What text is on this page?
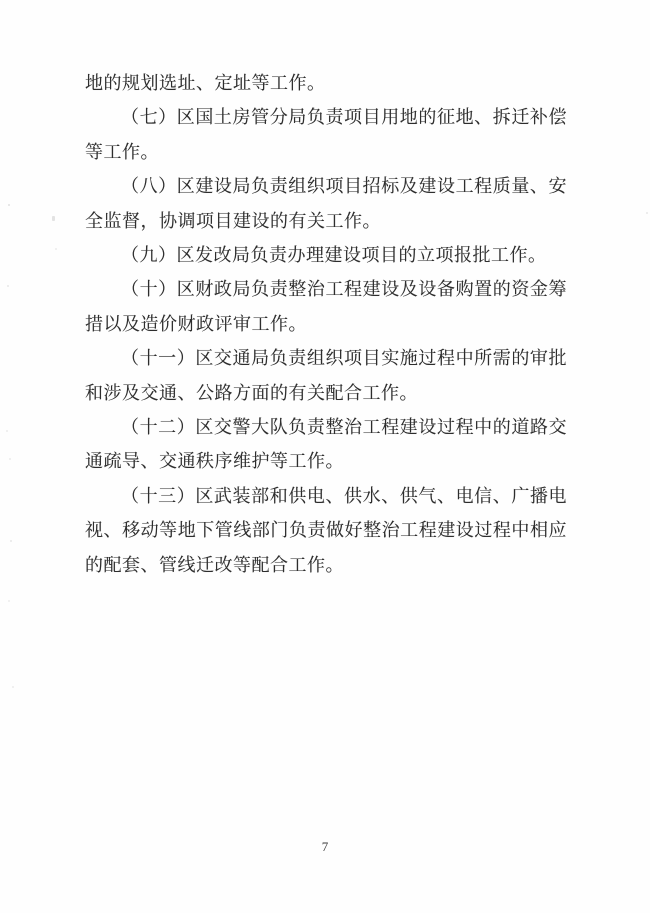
地的规划选址、定址等工作。

（七）区国土房管分局负责项目用地的征地、拆迁补偿等工作。

（八）区建设局负责组织项目招标及建设工程质量、安全监督，协调项目建设的有关工作。

（九）区发改局负责办理建设项目的立项报批工作。

（十）区财政局负责整治工程建设及设备购置的资金筹措以及造价财政评审工作。

（十一）区交通局负责组织项目实施过程中所需的审批和涉及交通、公路方面的有关配合工作。

（十二）区交警大队负责整治工程建设过程中的道路交通疏导、交通秩序维护等工作。

（十三）区武装部和供电、供水、供气、电信、广播电视、移动等地下管线部门负责做好整治工程建设过程中相应的配套、管线迁改等配合工作。

7
